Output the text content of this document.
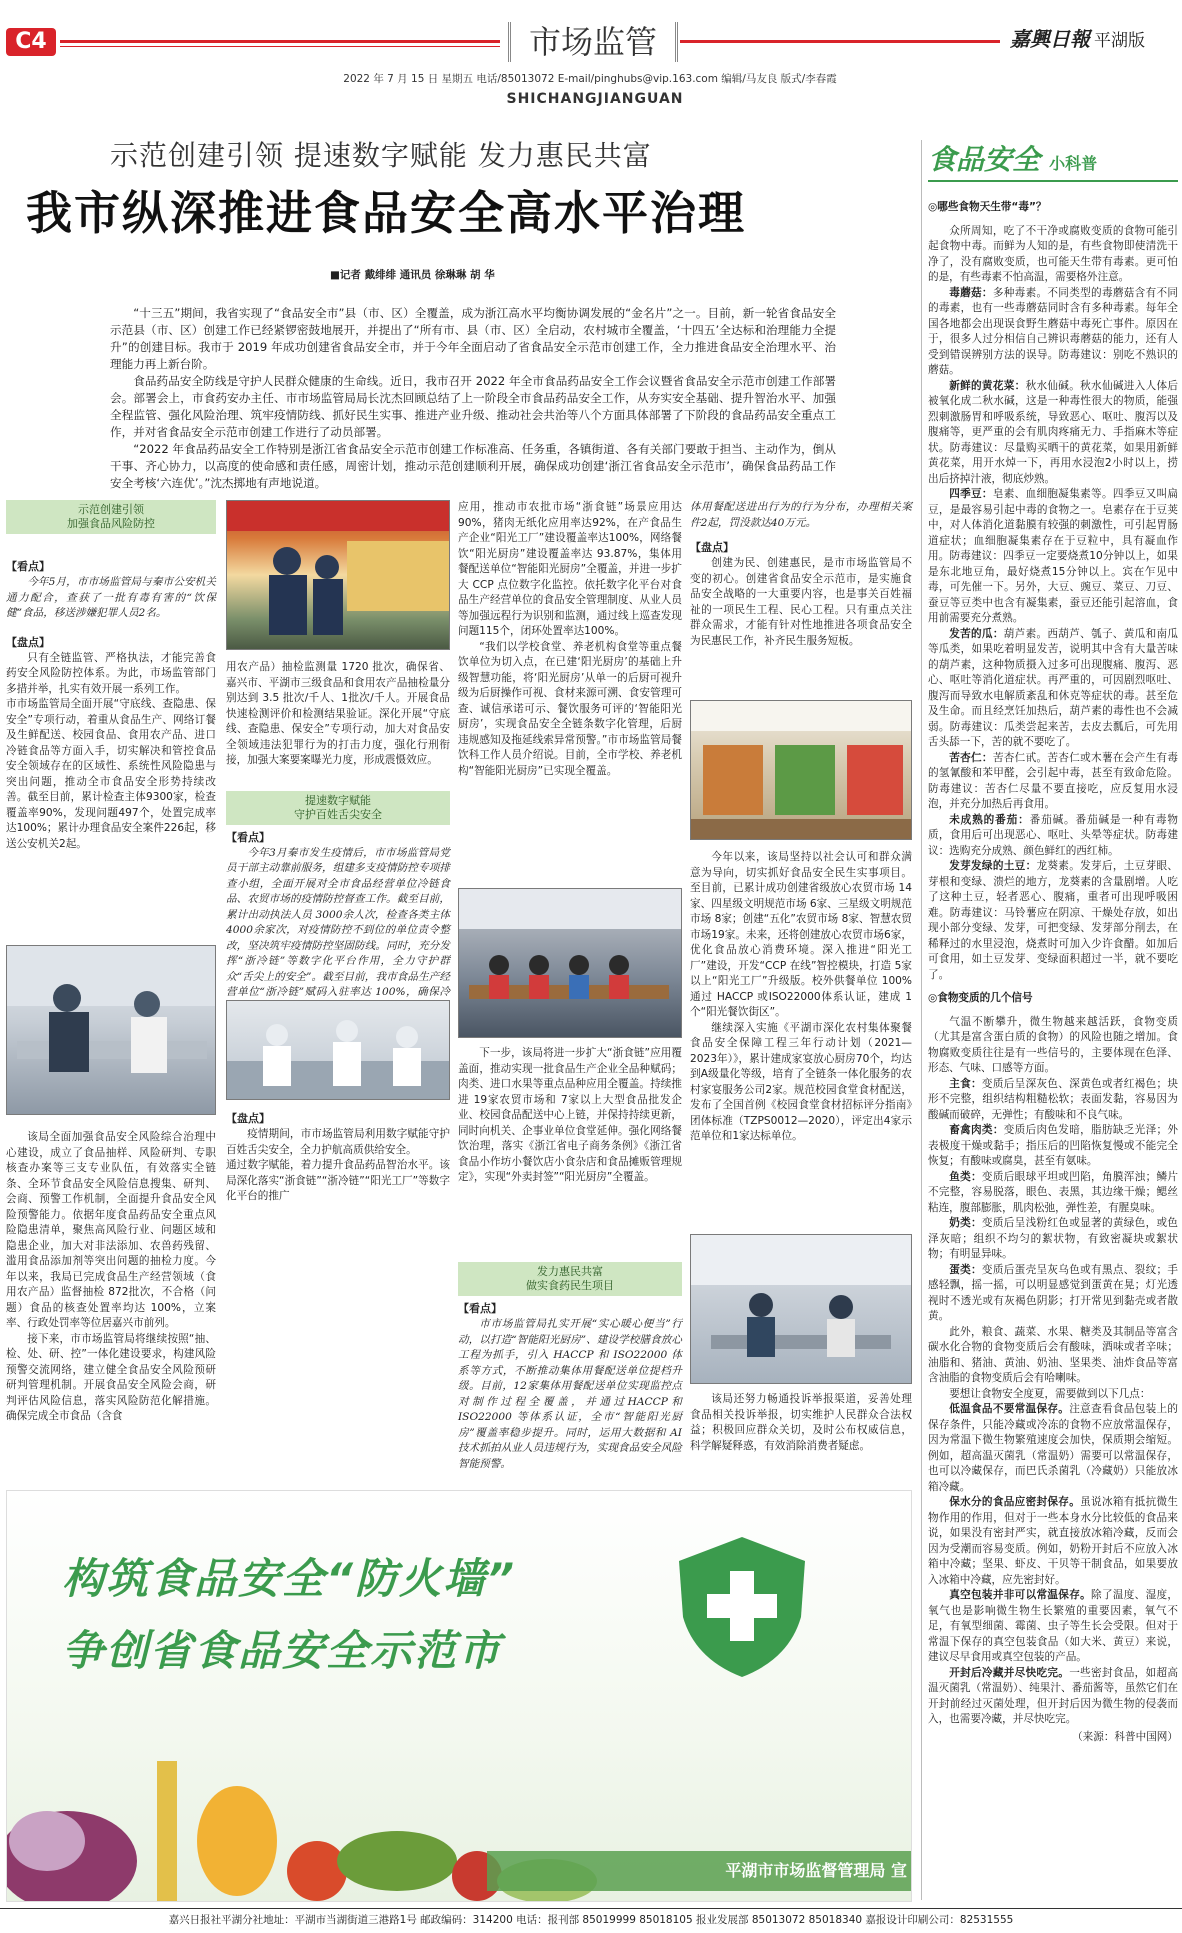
C4	市场监管	嘉興日報 平湖版
2022 年 7 月 15 日 星期五 电话/85013072 E-mail/pinghubs@vip.163.com 编辑/马友良 版式/李春霞
SHICHANGJIANGUAN
示范创建引领 提速数字赋能 发力惠民共富
我市纵深推进食品安全高水平治理
■记者 戴绯绯 通讯员 徐琳琳 胡 华

“十三五”期间，我省实现了“食品安全市”县（市、区）全覆盖，成为浙江高水平均衡协调发展的“金名片”之一。目前，新一轮省食品安全示范县（市、区）创建工作已经紧锣密鼓地展开，并提出了“所有市、县（市、区）全启动，农村城市全覆盖，‘十四五’全达标和治理能力全提升”的创建目标。我市于 2019 年成功创建省食品安全市，并于今年全面启动了省食品安全示范市创建工作，全力推进食品安全治理水平、治理能力再上新台阶。

食品药品安全防线是守护人民群众健康的生命线。近日，我市召开 2022 年全市食品药品安全工作会议暨省食品安全示范市创建工作部署会。部署会上，市食药安办主任、市市场监管局局长沈杰回顾总结了上一阶段全市食品药品安全工作，从夯实安全基础、提升智治水平、加强全程监管、强化风险治理、筑牢疫情防线、抓好民生实事、推进产业升级、推动社会共治等八个方面具体部署了下阶段的食品药品安全重点工作，并对省食品安全示范市创建工作进行了动员部署。

“2022 年食品药品安全工作特别是浙江省食品安全示范市创建工作标准高、任务重，各镇街道、各有关部门要敢于担当、主动作为，倒从干事、齐心协力，以高度的使命感和责任感，周密计划，推动示范创建顺利开展，确保成功创建‘浙江省食品安全示范市’，确保食品药品工作安全考核‘六连优’。”沈杰掷地有声地说道。

示范创建引领
加强食品风险防控
【看点】

今年5月，市市场监管局与秦市公安机关通力配合，查获了一批有毒有害的“饮保健”食品，移送涉嫌犯罪人员2名。

【盘点】

只有全链监管、严格执法，才能完善食药安全风险防控体系。为此，市场监管部门多措并举，扎实有效开展一系列工作。
市市场监管局全面开展“守底线、查隐患、保安全”专项行动，着重从食品生产、网络订餐及生鲜配送、校园食品、食用农产品、进口冷链食品等方面入手，切实解决和管控食品安全领域存在的区域性、系统性风险隐患与突出问题，推动全市食品安全形势持续改善。截至目前，累计检查主体9300家，检查覆盖率90%，发现问题497个，处置完成率达100%；累计办理食品安全案件226起，移送公安机关2起。

该局全面加强食品安全风险综合治理中心建设，成立了食品抽样、风险研判、专职核查办案等三支专业队伍，有效落实全链条、全环节食品安全风险信息搜集、研判、会商、预警工作机制，全面提升食品安全风险预警能力。依据年度食品药品安全重点风险隐患清单，聚焦高风险行业、问题区域和隐患企业，加大对非法添加、农兽药残留、滥用食品添加剂等突出问题的抽检力度。今年以来，我局已完成食品生产经营领域（食用农产品）监督抽检 872批次，不合格（问题）食品的核查处置率均达 100%，立案率、行政处罚率等位居嘉兴市前列。

接下来，市市场监管局将继续按照“抽、检、处、研、控”一体化建设要求，构建风险预警交流网络，建立健全食品安全风险预研研判管理机制。开展食品安全风险会商，研判评估风险信息，落实风险防范化解措施。确保完成全市食品（含食

用农产品）抽检监测量 1720 批次，确保省、嘉兴市、平湖市三级食品和食用农产品抽检量分别达到 3.5 批次/千人、1批次/千人。开展食品快速检测评价和检测结果验证。深化开展“守底线、查隐患、保安全”专项行动，加大对食品安全领域违法犯罪行为的打击力度，强化行刑衔接，加强大案要案曝光力度，形成震慑效应。

提速数字赋能
守护百姓舌尖安全
【看点】

今年3月秦市发生疫情后，市市场监管局党员干部主动靠前服务，组建多支疫情防控专项排查小组，全面开展对全市食品经营单位冷链食品、农贸市场的疫情防控督查工作。截至目前，累计出动执法人员 3000余人次，检查各类主体 4000余家次，对疫情防控不到位的单位责令整改，坚决筑牢疫情防控坚固防线。同时，充分发挥“浙冷链”等数字化平台作用，全力守护群众“舌尖上的安全”。截至目前，我市食品生产经营单位“浙冷链”赋码入驻率达 100%，确保冷

【盘点】

疫情期间，市市场监管局利用数字赋能守护百姓舌尖安全，全力护航高质供给安全。
通过数字赋能，着力提升食品药品智治水平。该局深化落实“浙食链”“浙冷链”“阳光工厂”等数字化平台的推广

应用，推动市农批市场“浙食链”场景应用达90%，猪肉无纸化应用率达92%，在产食品生产企业“阳光工厂”建设覆盖率达100%，网络餐饮“阳光厨房”建设覆盖率达 93.87%，集体用餐配送单位“智能阳光厨房”全覆盖，并进一步扩大 CCP 点位数字化监控。依托数字化平台对食品生产经营单位的食品安全管理制度、从业人员等加强远程行为识别和监测，通过线上巡查发现问题115个，闭环处置率达100%。

“我们以学校食堂、养老机构食堂等重点餐饮单位为切入点，在已建‘阳光厨房’的基础上升级智慧功能，将‘阳光厨房’从单一的后厨可视升级为后厨操作可视、食材来源可溯、食安管理可查、诚信承诺可示、餐饮服务可评的‘智能阳光厨房’，实现食品安全全链条数字化管理，后厨违规感知及拖延线索异常预警。”市市场监管局餐饮科工作人员介绍说。目前，全市学校、养老机构“智能阳光厨房”已实现全覆盖。

下一步，该局将进一步扩大“浙食链”应用覆盖面，推动实现一批食品生产企业全品种赋码；肉类、进口水果等重点品种应用全覆盖。持续推进 19家农贸市场和 7家以上大型食品批发企业、校园食品配送中心上链，并保持持续更新，同时向机关、企事业单位食堂延伸。强化网络餐饮治理，落实《浙江省电子商务条例》《浙江省食品小作坊小餐饮店小食杂店和食品摊贩管理规定》，实现“外卖封签”“阳光厨房”全覆盖。

发力惠民共富
做实食药民生项目
【看点】

市市场监管局扎实开展“实心暖心便当”行动，以打造“智能阳光厨房”、建设学校膳食放心工程为抓手，引入 HACCP 和 ISO22000 体系等方式，不断推动集体用餐配送单位提档升级。目前，12家集体用餐配送单位实现监控点对制作过程全覆盖，并通过HACCP和ISO22000 等体系认证，全市“智能阳光厨房”覆盖率稳步提升。同时，运用大数据和 AI 技术抓拍从业人员违规行为，实现食品安全风险智能预警。

体用餐配送进出行为的行为分布，办理相关案件2起，罚没款达40万元。

【盘点】

创建为民、创建惠民，是市市场监管局不变的初心。创建省食品安全示范市，是实施食品安全战略的一大重要内容，也是事关百姓福祉的一项民生工程、民心工程。只有重点关注群众需求，才能有针对性地推进各项食品安全为民惠民工作，补齐民生服务短板。

今年以来，该局坚持以社会认可和群众满意为导向，切实抓好食品安全民生实事项目。至目前，已累计成功创建省级放心农贸市场 14家、四星级文明规范市场 6家、三星级文明规范市场 8家；创建“五化”农贸市场 8家、智慧农贸市场19家。未来，还将创建放心农贸市场6家，优化食品放心消费环境。深入推进“阳光工厂”建设，开发“CCP 在线”智控模块，打造 5家以上“阳光工厂”升级版。校外供餐单位 100% 通过 HACCP 或ISO22000体系认证，建成 1个“阳光餐饮街区”。

继续深入实施《平湖市深化农村集体聚餐食品安全保障工程三年行动计划（2021—2023年）》，累计建成家宴放心厨房70个，均达到A级量化等级，培育了全链条一体化服务的农村家宴服务公司2家。规范校园食堂食材配送，发布了全国首例《校园食堂食材招标评分指南》团体标准（TZPS0012—2020），评定出4家示范单位和1家达标单位。

该局还努力畅通投诉举报渠道，妥善处理食品相关投诉举报，切实维护人民群众合法权益；积极回应群众关切，及时公布权威信息，科学解疑释惑，有效消除消费者疑虑。

食品安全 小科普
◎哪些食物天生带“毒”？

众所周知，吃了不干净或腐败变质的食物可能引起食物中毒。而鲜为人知的是，有些食物即使清洗干净了，没有腐败变质，也可能天生带有毒素。更可怕的是，有些毒素不怕高温，需要格外注意。

毒蘑菇：多种毒素。不同类型的毒蘑菇含有不同的毒素，也有一些毒蘑菇同时含有多种毒素。每年全国各地都会出现误食野生蘑菇中毒死亡事件。原因在于，很多人过分相信自己辨识毒蘑菇的能力，还有人受到错误辨别方法的误导。防毒建议：别吃不熟识的蘑菇。

新鲜的黄花菜：秋水仙碱。秋水仙碱进入人体后被氧化成二秋水碱，这是一种毒性很大的物质，能强烈刺激肠胃和呼吸系统，导致恶心、呕吐、腹泻以及腹痛等，更严重的会有肌肉疼痛无力、手指麻木等症状。防毒建议：尽量购买晒干的黄花菜，如果用新鲜黄花菜，用开水焯一下，再用水浸泡2小时以上，捞出后挤掉汁液，彻底炒熟。

四季豆：皂素、血细胞凝集素等。四季豆又叫扁豆，是最容易引起中毒的食物之一。皂素存在于豆荚中，对人体消化道黏膜有较强的刺激性，可引起胃肠道症状；血细胞凝集素存在于豆粒中，具有凝血作用。防毒建议：四季豆一定要烧煮10分钟以上，如果是东北地豆角，最好烧煮15分钟以上。宾在乍见中毒，可先催一下。另外，大豆、豌豆、菜豆、刀豆、蚕豆等豆类中也含有凝集素，蚕豆还能引起溶血，食用前需要充分煮熟。

发苦的瓜：葫芦素。西葫芦、瓠子、黄瓜和南瓜等瓜类，如果吃着明显发苦，说明其中含有大量苦味的葫芦素，这种物质摄入过多可出现腹痛、腹泻、恶心、呕吐等消化道症状。再严重的，可因剧烈呕吐、腹泻而导致水电解质紊乱和休克等症状的毒。甚至危及生命。而且经烹饪加热后，葫芦素的毒性也不会减弱。防毒建议：瓜类尝起来苦，去皮去瓢后，可先用舌头舔一下，苦的就不要吃了。

苦杏仁：苦杏仁甙。苦杏仁或木薯在会产生有毒的氢氰酸和苯甲醛，会引起中毒，甚至有致命危险。防毒建议：苦杏仁尽量不要直接吃，应反复用水浸泡，并充分加热后再食用。

未成熟的番茄：番茄碱。番茄碱是一种有毒物质，食用后可出现恶心、呕吐、头晕等症状。防毒建议：选购充分成熟、颜色鲜红的西红柿。

发芽发绿的土豆：龙葵素。发芽后，土豆芽眼、芽根和变绿、溃烂的地方，龙葵素的含量剧增。人吃了这种土豆，轻者恶心、腹痛，重者可出现呼吸困难。防毒建议：马铃薯应在阴凉、干燥处存放，如出现小部分变绿、发芽，可把变绿、发芽部分削去，在稀释过的水里浸泡，烧煮时可加入少许食醋。如加后可食用，如土豆发芽、变绿面积超过一半，就不要吃了。

◎食物变质的几个信号

气温不断攀升，微生物越来越活跃，食物变质（尤其是富含蛋白质的食物）的风险也随之增加。食物腐败变质往往是有一些信号的，主要体现在色泽、形态、气味、口感等方面。

主食：变质后呈深灰色、深黄色或者红褐色；块形不完整，组织结构粗糙松软；表面发黏，容易因为酸碱而破碎，无弹性；有酸味和不良气味。

畜禽肉类：变质后肉色发暗，脂肪缺乏光泽；外表极度干燥或黏手；指压后的凹陷恢复慢或不能完全恢复；有酸味或腐臭，甚至有氨味。

鱼类：变质后眼球平坦或凹陷，角膜浑浊；鳞片不完整，容易脱落，眼色、表黑，其边缘干燥；鳃丝粘连，腹部膨胀，肌肉松弛，弹性差，有腥臭味。

奶类：变质后呈浅粉红色或显著的黄绿色，或色泽灰暗；组织不均匀的絮状物，有致密凝块或絮状物；有明显异味。

蛋类：变质后蛋壳呈灰乌色或有黑点、裂纹；手感轻飘，摇一摇，可以明显感觉到蛋黄在晃；灯光透视时不透光或有灰褐色阴影；打开常见到黏壳或者散黄。

此外，粮食、蔬菜、水果、糖类及其制品等富含碳水化合物的食物变质后会有酸味，酒味或者辛味；油脂和、猪油、黄油、奶油、坚果类、油炸食品等富含油脂的食物变质后会有哈喇味。

要想让食物安全度夏，需要做到以下几点：

低温食品不要常温保存。注意查看食品包装上的保存条件，只能冷藏或冷冻的食物不应放常温保存，因为常温下微生物繁殖速度会加快，保质期会缩短。例如，超高温灭菌乳（常温奶）需要可以常温保存，也可以冷藏保存，而巴氏杀菌乳（冷藏奶）只能放冰箱冷藏。

保水分的食品应密封保存。虽说冰箱有抵抗微生物作用的作用，但对于一些本身水分比较低的食品来说，如果没有密封严实，就直接放冰箱冷藏，反而会因为受潮而容易变质。例如，奶粉开封后不应放入冰箱中冷藏；坚果、虾皮、干贝等干制食品，如果要放入冰箱中冷藏，应先密封好。

真空包装并非可以常温保存。除了温度、湿度，氧气也是影响微生物生长繁殖的重要因素，氧气不足，有氧型细菌、霉菌、虫子等生长会受限。但对于常温下保存的真空包装食品（如大米、黄豆）来说，建议尽早食用或真空包装的产品。

开封后冷藏并尽快吃完。一些密封食品，如超高温灭菌乳（常温奶）、纯果汁、番茄酱等，虽然它们在开封前经过灭菌处理，但开封后因为微生物的侵袭而入，也需要冷藏，并尽快吃完。

（来源：科普中国网）
构筑食品安全“防火墙”
争创省食品安全示范市
平湖市市场监督管理局 宣
嘉兴日报社平湖分社地址：平湖市当湖街道三港路1号 邮政编码：314200 电话：报刊部 85019999 85018105 报业发展部 85013072 85018340 嘉报设计印刷公司：82531555
